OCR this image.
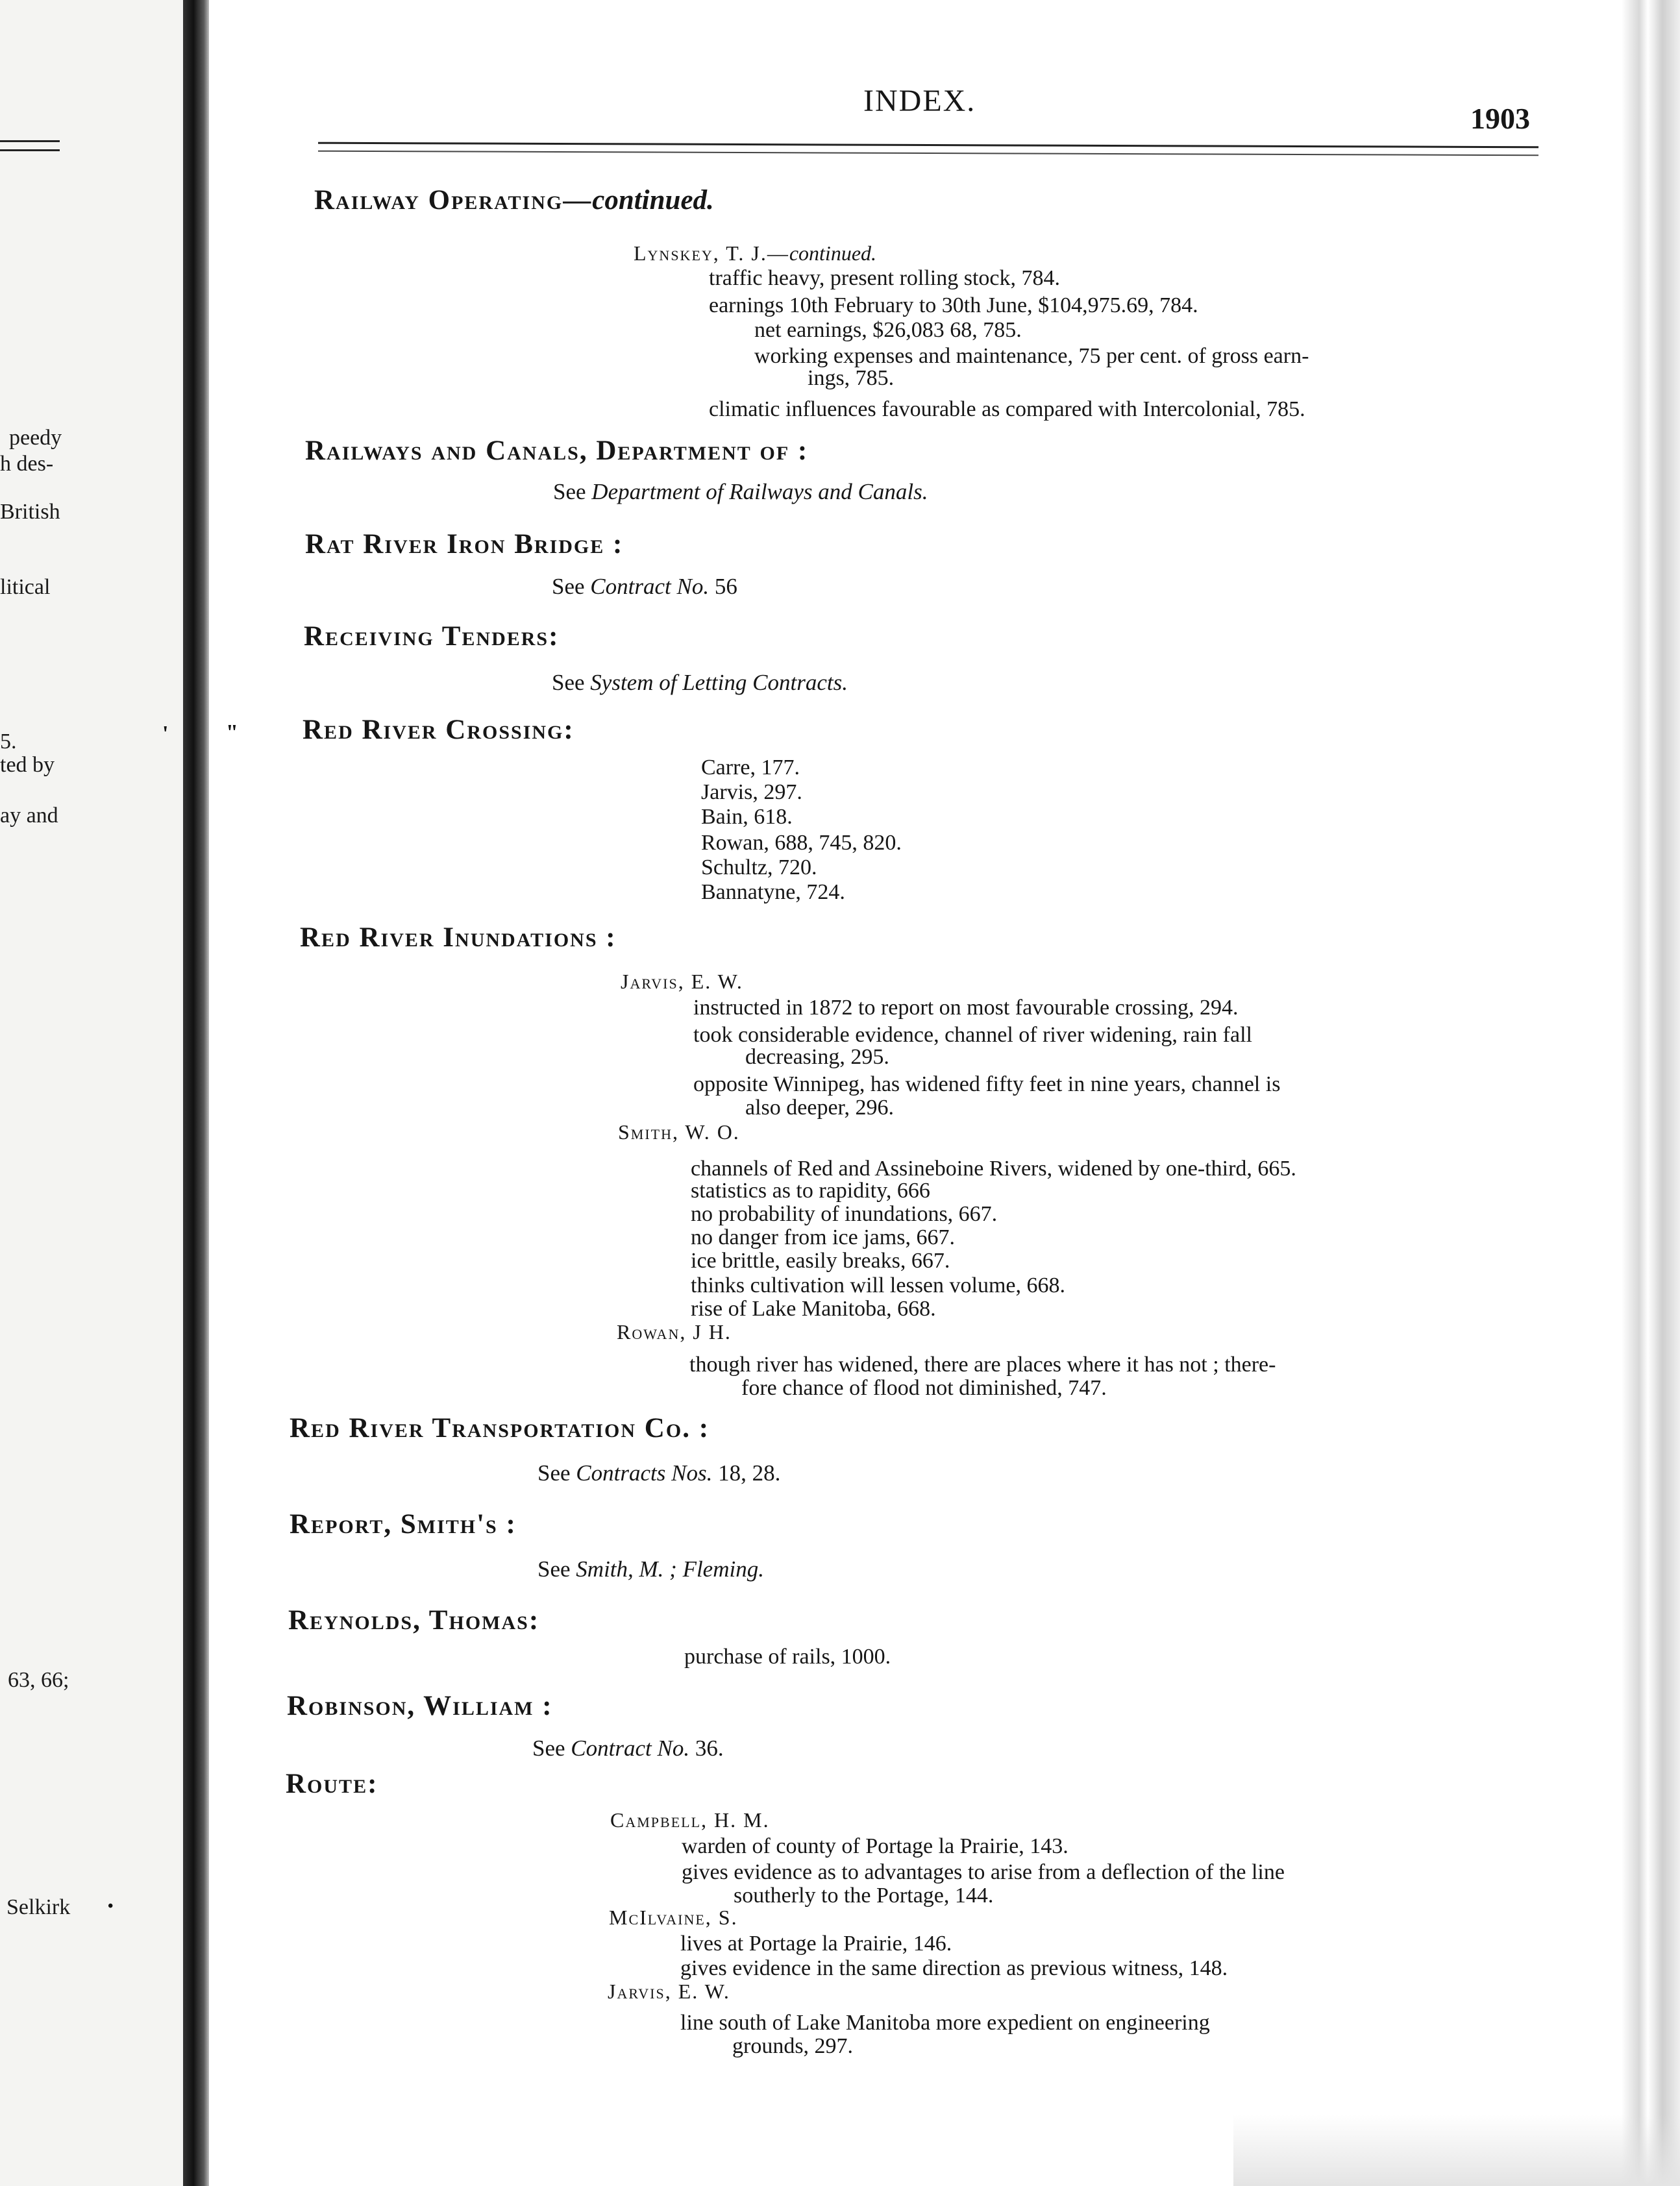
peedy
h des-
British
litical
5.
ted by
ay and
63, 66;
Selkirk
'	"
•
INDEX.
1903
Railway Operating—continued.
Lynskey, T. J.—continued.
traffic heavy, present rolling stock, 784.
earnings 10th February to 30th June, $104,975.69, 784.
net earnings, $26,083 68, 785.
working expenses and maintenance, 75 per cent. of gross earn-
ings, 785.
climatic influences favourable as compared with Intercolonial, 785.
Railways and Canals, Department of :
See Department of Railways and Canals.
Rat River Iron Bridge :
See Contract No. 56
Receiving Tenders:
See System of Letting Contracts.
Red River Crossing:
Carre, 177.
Jarvis, 297.
Bain, 618.
Rowan, 688, 745, 820.
Schultz, 720.
Bannatyne, 724.
Red River Inundations :
Jarvis, E. W.
instructed in 1872 to report on most favourable crossing, 294.
took considerable evidence, channel of river widening, rain fall
decreasing, 295.
opposite Winnipeg, has widened fifty feet in nine years, channel is
also deeper, 296.
Smith, W. O.
channels of Red and Assineboine Rivers, widened by one-third, 665.
statistics as to rapidity, 666
no probability of inundations, 667.
no danger from ice jams, 667.
ice brittle, easily breaks, 667.
thinks cultivation will lessen volume, 668.
rise of Lake Manitoba, 668.
Rowan, J H.
though river has widened, there are places where it has not ; there-
fore chance of flood not diminished, 747.
Red River Transportation Co. :
See Contracts Nos. 18, 28.
Report, Smith's :
See Smith, M. ; Fleming.
Reynolds, Thomas:
purchase of rails, 1000.
Robinson, William :
See Contract No. 36.
Route:
Campbell, H. M.
warden of county of Portage la Prairie, 143.
gives evidence as to advantages to arise from a deflection of the line
southerly to the Portage, 144.
McIlvaine, S.
lives at Portage la Prairie, 146.
gives evidence in the same direction as previous witness, 148.
Jarvis, E. W.
line south of Lake Manitoba more expedient on engineering
grounds, 297.
